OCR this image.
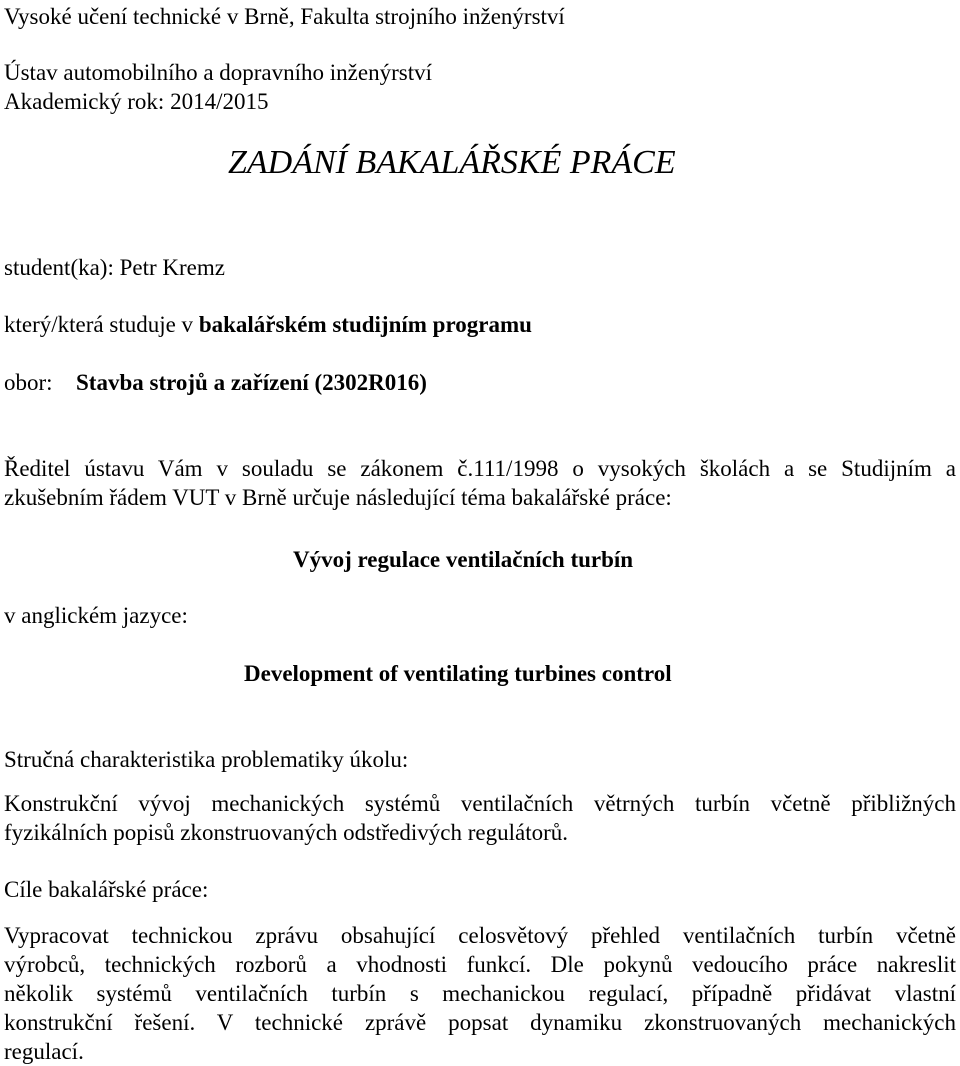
Vysoké učení technické v Brně, Fakulta strojního inženýrství
Ústav automobilního a dopravního inženýrství
Akademický rok: 2014/2015
ZADÁNÍ BAKALÁŘSKÉ PRÁCE
student(ka): Petr Kremz
který/která studuje v bakalářském studijním programu
obor: Stavba strojů a zařízení (2302R016)
Ředitel ústavu Vám v souladu se zákonem č.111/1998 o vysokých školách a se Studijním a
zkušebním řádem VUT v Brně určuje následující téma bakalářské práce:
Vývoj regulace ventilačních turbín
v anglickém jazyce:
Development of ventilating turbines control
Stručná charakteristika problematiky úkolu:
Konstrukční vývoj mechanických systémů ventilačních větrných turbín včetně přibližných
fyzikálních popisů zkonstruovaných odstředivých regulátorů.
Cíle bakalářské práce:
Vypracovat technickou zprávu obsahující celosvětový přehled ventilačních turbín včetně
výrobců, technických rozborů a vhodnosti funkcí. Dle pokynů vedoucího práce nakreslit
několik systémů ventilačních turbín s mechanickou regulací, případně přidávat vlastní
konstrukční řešení. V technické zprávě popsat dynamiku zkonstruovaných mechanických
regulací.
